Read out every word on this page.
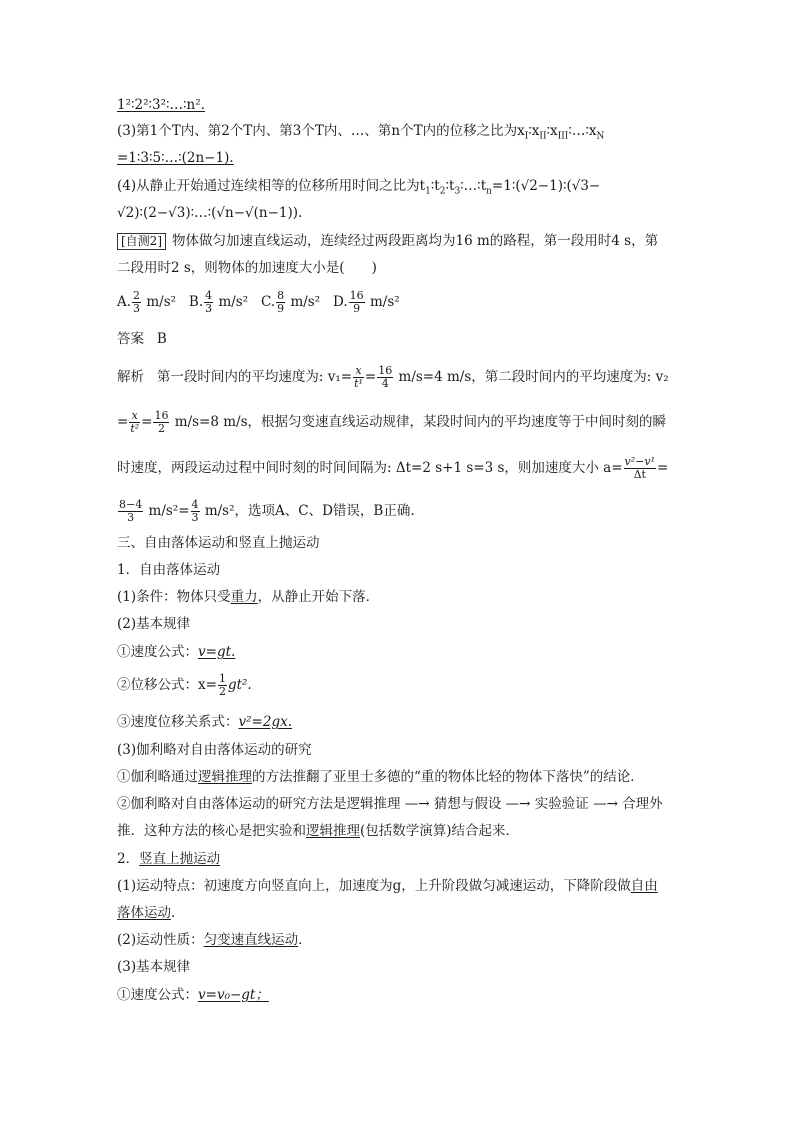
1²∶2²∶3²∶…∶n².
(3)第1个T内、第2个T内、第3个T内、…、第n个T内的位移之比为$x_I∶x_{II}∶x_{III}∶\dots∶x_N$
=1∶3∶5∶…∶(2n−1).
(4)从静止开始通过连续相等的位移所用时间之比为$t_1∶t_2∶t_3∶\dots∶t_n=1∶(√2-1)∶(√3-$
√2)∶(2−√3)∶…∶(√n−√(n−1)).
[自测2] 物体做匀加速直线运动，连续经过两段距离均为16 m的路程，第一段用时4 s，第
二段用时2 s，则物体的加速度大小是(　　)
A. $\frac{2}{3} m/s^2$ B. $\frac{4}{3} m/s^2$ C. $\frac{8}{9} m/s^2$ D. $\frac{16}{9} m/s^2$
答案 B
解析 第一段时间内的平均速度为: $v_1= \frac{x}{\text{t¹}} = \frac{16}{4} m/s=4$ m/s，第二段时间内的平均速度为: v₂
= $\frac{x}{\text{t²}} = \frac{16}{2} m/s=8$ m/s，根据匀变速直线运动规律，某段时间内的平均速度等于中间时刻的瞬
时速度，两段运动过程中间时刻的时间间隔为: Δt=2 s+1 s=3 s，则加速度大小 $a= \frac{\text{v²−v¹}}{\Delta t}$ =
$\frac{8-4}{3} m/s^2= \frac{4}{3} m/s^2$，选项A、C、D错误，B正确.
三、自由落体运动和竖直上抛运动
1．自由落体运动
(1)条件：物体只受重力，从静止开始下落．
(2)基本规律
①速度公式：v=gt.
②位移公式：$x= \frac{1}{2} gt^2$.
③速度位移关系式：v²=2gx.
(3)伽利略对自由落体运动的研究
①伽利略通过逻辑推理的方法推翻了亚里士多德的“重的物体比轻的物体下落快”的结论．
②伽利略对自由落体运动的研究方法是逻辑推理 —→ 猜想与假设 —→ 实验验证 —→ 合理外
推．这种方法的核心是把实验和逻辑推理(包括数学演算)结合起来．
2．竖直上抛运动
(1)运动特点：初速度方向竖直向上，加速度为g，上升阶段做匀减速运动，下降阶段做自由
落体运动．
(2)运动性质：匀变速直线运动．
(3)基本规律
①速度公式：v=v₀−gt；
